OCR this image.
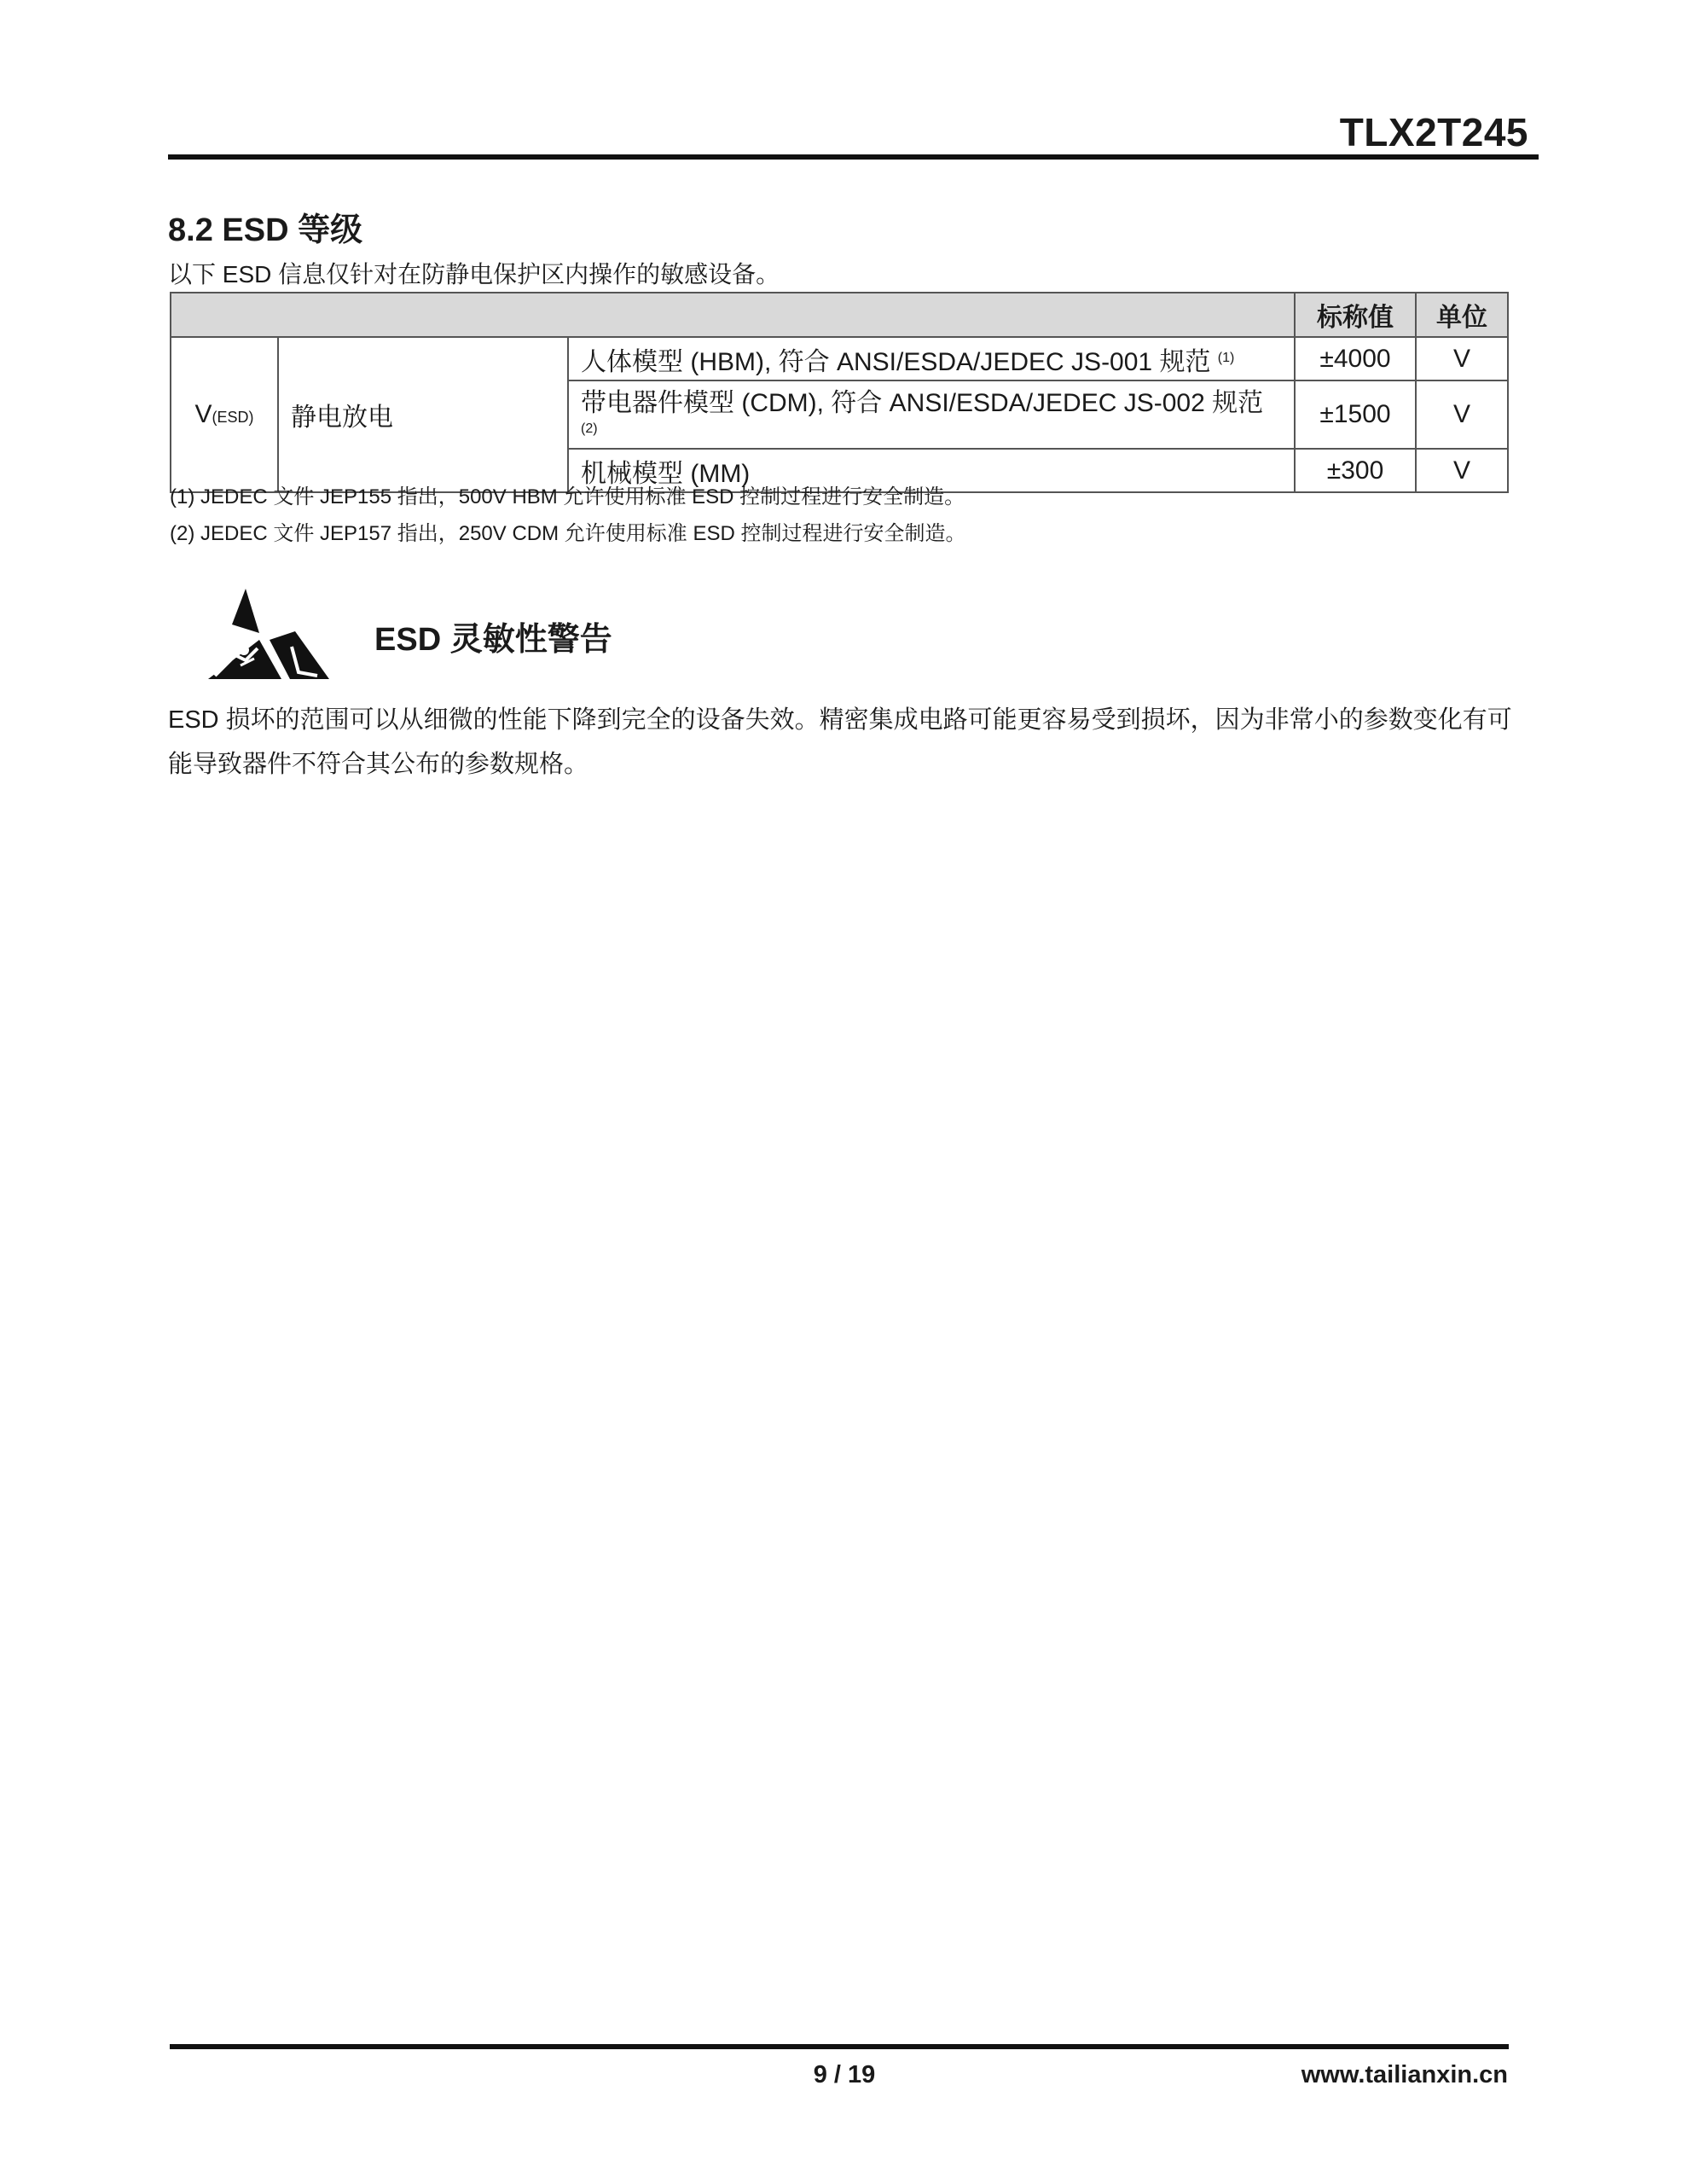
TLX2T245
8.2 ESD 等级
以下 ESD 信息仅针对在防静电保护区内操作的敏感设备。
			标称值	单位
V(ESD)	静电放电	人体模型 (HBM), 符合 ANSI/ESDA/JEDEC JS-001 规范 $^{(1)}$	±4000	V
		带电器件模型 (CDM), 符合 ANSI/ESDA/JEDEC JS-002 规范 $^{(2)}$	±1500	V
		机械模型 (MM)	±300	V
(1) JEDEC 文件 JEP155 指出，500V HBM 允许使用标准 ESD 控制过程进行安全制造。
(2) JEDEC 文件 JEP157 指出，250V CDM 允许使用标准 ESD 控制过程进行安全制造。
ESD 灵敏性警告
ESD 损坏的范围可以从细微的性能下降到完全的设备失效。精密集成电路可能更容易受到损坏，因为非常小的参数变化有可能导致器件不符合其公布的参数规格。
9 / 19	www.tailianxin.cn
